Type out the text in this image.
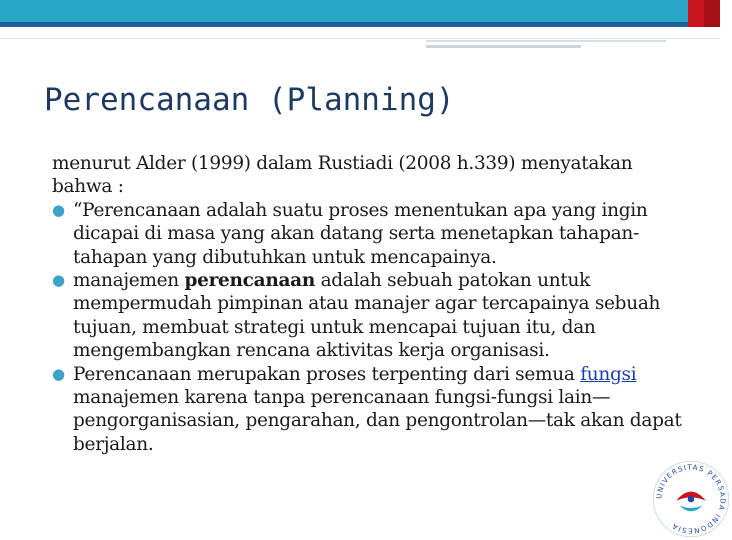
Perencanaan (Planning)

menurut Alder (1999) dalam Rustiadi (2008 h.339) menyatakan bahwa :

● “Perencanaan adalah suatu proses menentukan apa yang ingin dicapai di masa yang akan datang serta menetapkan tahapan-tahapan yang dibutuhkan untuk mencapainya.
● manajemen perencanaan adalah sebuah patokan untuk mempermudah pimpinan atau manajer agar tercapainya sebuah tujuan, membuat strategi untuk mencapai tujuan itu, dan mengembangkan rencana aktivitas kerja organisasi.
● Perencanaan merupakan proses terpenting dari semua fungsi manajemen karena tanpa perencanaan fungsi-fungsi lain—pengorganisasian, pengarahan, dan pengontrolan—tak akan dapat berjalan.
UNIVERSITAS PERSADA INDONESIA
